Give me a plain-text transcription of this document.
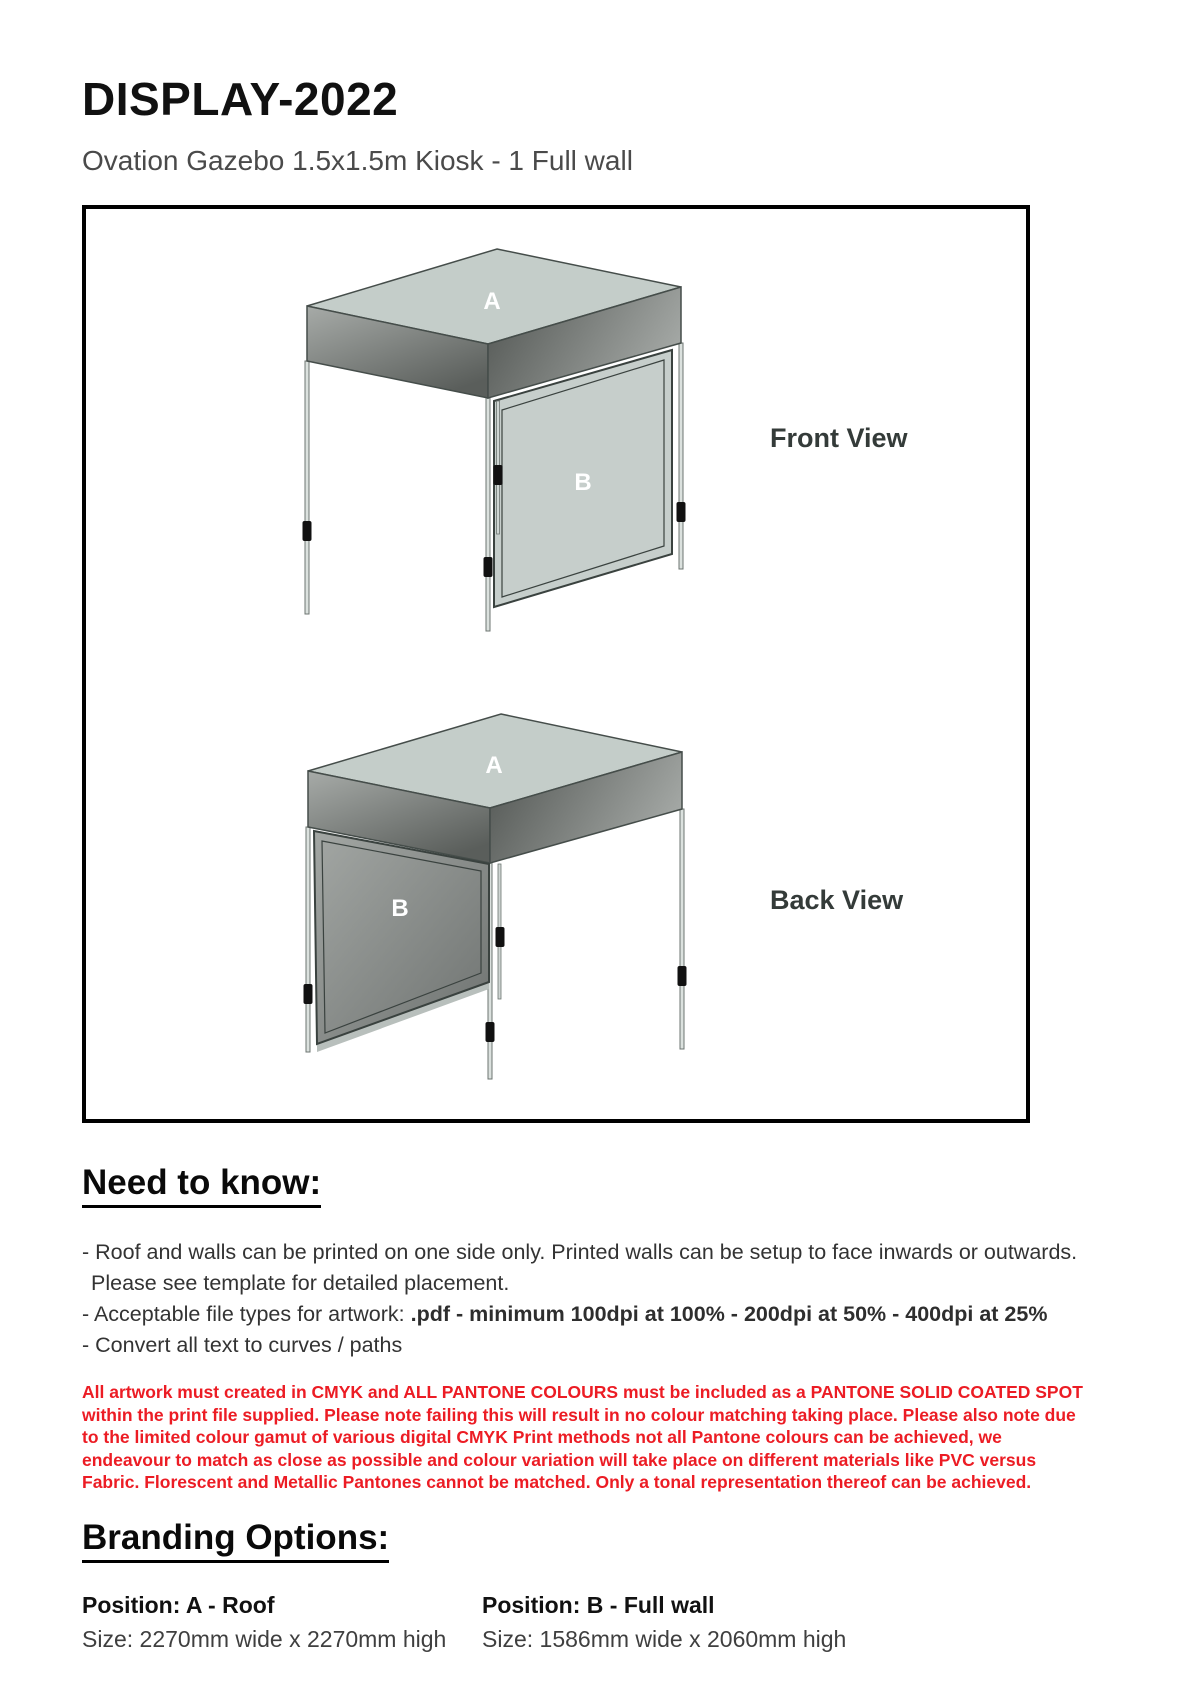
DISPLAY-2022
Ovation Gazebo 1.5x1.5m Kiosk - 1 Full wall
A
B
Front View
A
B	Back View
Need to know:
- Roof and walls can be printed on one side only. Printed walls can be setup to face inwards or outwards.
Please see template for detailed placement.
- Acceptable file types for artwork: .pdf - minimum 100dpi at 100% - 200dpi at 50% - 400dpi at 25%
- Convert all text to curves / paths
All artwork must created in CMYK and ALL PANTONE COLOURS must be included as a PANTONE SOLID COATED SPOT
within the print file supplied. Please note failing this will result in no colour matching taking place. Please also note due
to the limited colour gamut of various digital CMYK Print methods not all Pantone colours can be achieved, we
endeavour to match as close as possible and colour variation will take place on different materials like PVC versus
Fabric. Florescent and Metallic Pantones cannot be matched. Only a tonal representation thereof can be achieved.
Branding Options:
Position: A - Roof
Size: 2270mm wide x 2270mm high
Position: B - Full wall
Size: 1586mm wide x 2060mm high
